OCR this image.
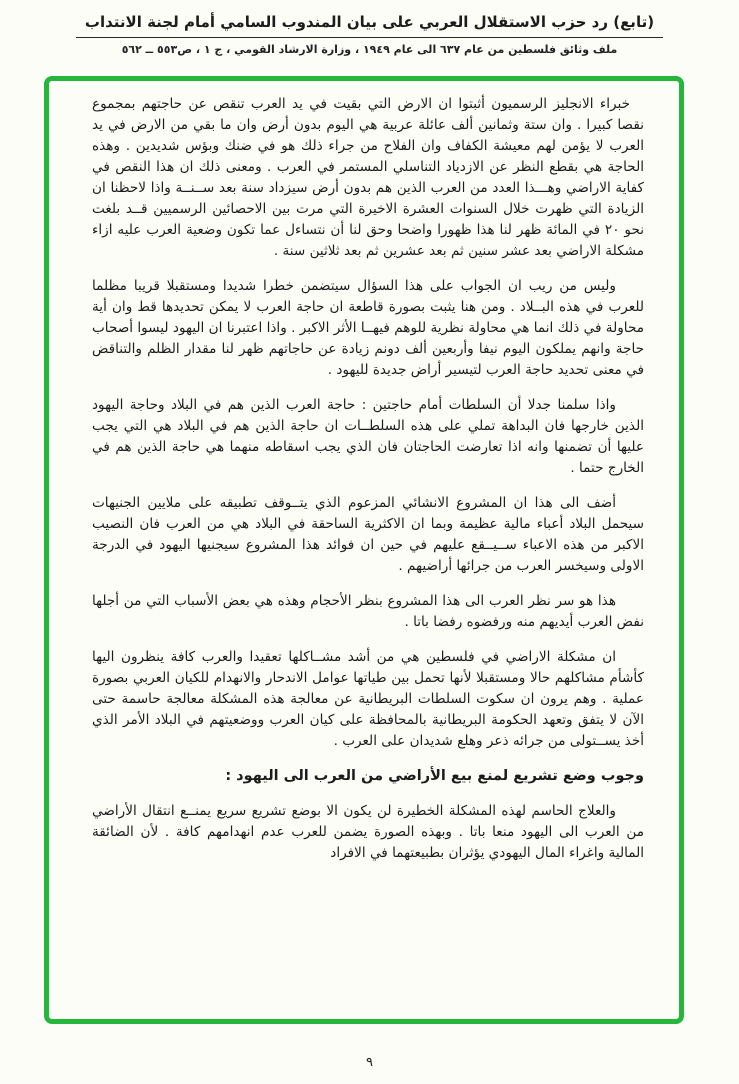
(تابع) رد حزب الاستقلال العربي على بيان المندوب السامي أمام لجنة الانتداب
ملف وثائق فلسطين من عام ٦٣٧ الى عام ١٩٤٩ ، وزارة الارشاد القومي ، ج ١ ، ص٥٥٣ ــ ٥٦٢

خبراء الانجليز الرسميون أثبتوا ان الارض التي بقيت في يد العرب تنقص عن حاجتهم بمجموع نقصا كبيرا . وان ستة وثمانين ألف عائلة عربية هي اليوم بدون أرض وان ما بقي من الارض في يد العرب لا يؤمن لهم معيشة الكفاف وان الفلاح من جراء ذلك هو في ضنك وبؤس شديدين . وهذه الحاجة هي بقطع النظر عن الازدياد التناسلي المستمر في العرب . ومعنى ذلك ان هذا النقص في كفاية الاراضي وهـــذا العدد من العرب الذين هم بدون أرض سيزداد سنة بعد ســنــة واذا لاحظنا ان الزيادة التي ظهرت خلال السنوات العشرة الاخيرة التي مرت بين الاحصائين الرسميين قــد بلغت نحو ٢٠ في المائة ظهر لنا هذا ظهورا واضحا وحق لنا أن نتساءل عما تكون وضعية العرب عليه ازاء مشكلة الاراضي بعد عشر سنين ثم بعد عشرين ثم بعد ثلاثين سنة .

وليس من ريب ان الجواب على هذا السؤال سيتضمن خطرا شديدا ومستقبلا قريبا مظلما للعرب في هذه البــلاد . ومن هنا يثبت بصورة قاطعة ان حاجة العرب لا يمكن تحديدها قط وان أية محاولة في ذلك انما هي محاولة نظرية للوهم فيهــا الأثر الاكبر . واذا اعتبرنا ان اليهود ليسوا أصحاب حاجة وانهم يملكون اليوم نيفا وأربعين ألف دونم زيادة عن حاجاتهم ظهر لنا مقدار الظلم والتناقض في معنى تحديد حاجة العرب لتيسير أراض جديدة لليهود .

واذا سلمنا جدلا أن السلطات أمام حاجتين : حاجة العرب الذين هم في البلاد وحاجة اليهود الذين خارجها فان البداهة تملي على هذه السلطــات ان حاجة الذين هم في البلاد هي التي يجب عليها أن تضمنها وانه اذا تعارضت الحاجتان فان الذي يجب اسقاطه منهما هي حاجة الذين هم في الخارج حتما .

أضف الى هذا ان المشروع الانشائي المزعوم الذي يتــوقف تطبيقه على ملايين الجنيهات سيحمل البلاد أعباء مالية عظيمة وبما ان الاكثرية الساحقة في البلاد هي من العرب فان النصيب الاكبر من هذه الاعباء ســيــقع عليهم في حين ان فوائد هذا المشروع سيجنيها اليهود في الدرجة الاولى وسيخسر العرب من جرائها أراضيهم .

هذا هو سر نظر العرب الى هذا المشروع بنظر الأحجام وهذه هي بعض الأسباب التي من أجلها نفض العرب أيديهم منه ورفضوه رفضا باتا .

ان مشكلة الاراضي في فلسطين هي من أشد مشــاكلها تعقيدا والعرب كافة ينظرون اليها كأشأم مشاكلهم حالا ومستقبلا لأنها تحمل بين طياتها عوامل الاندحار والانهدام للكيان العربي بصورة عملية . وهم يرون ان سكوت السلطات البريطانية عن معالجة هذه المشكلة معالجة حاسمة حتى الآن لا يتفق وتعهد الحكومة البريطانية بالمحافظة على كيان العرب ووضعيتهم في البلاد الأمر الذي أخذ يســتولى من جرائه ذعر وهلع شديدان على العرب .

وجوب وضع تشريع لمنع بيع الأراضي من العرب الى اليهود :

والعلاج الحاسم لهذه المشكلة الخطيرة لن يكون الا بوضع تشريع سريع يمنــع انتقال الأراضي من العرب الى اليهود منعا باتا . وبهذه الصورة يضمن للعرب عدم انهدامهم كافة . لأن الضائقة المالية واغراء المال اليهودي يؤثران بطبيعتهما في الافراد

٩
